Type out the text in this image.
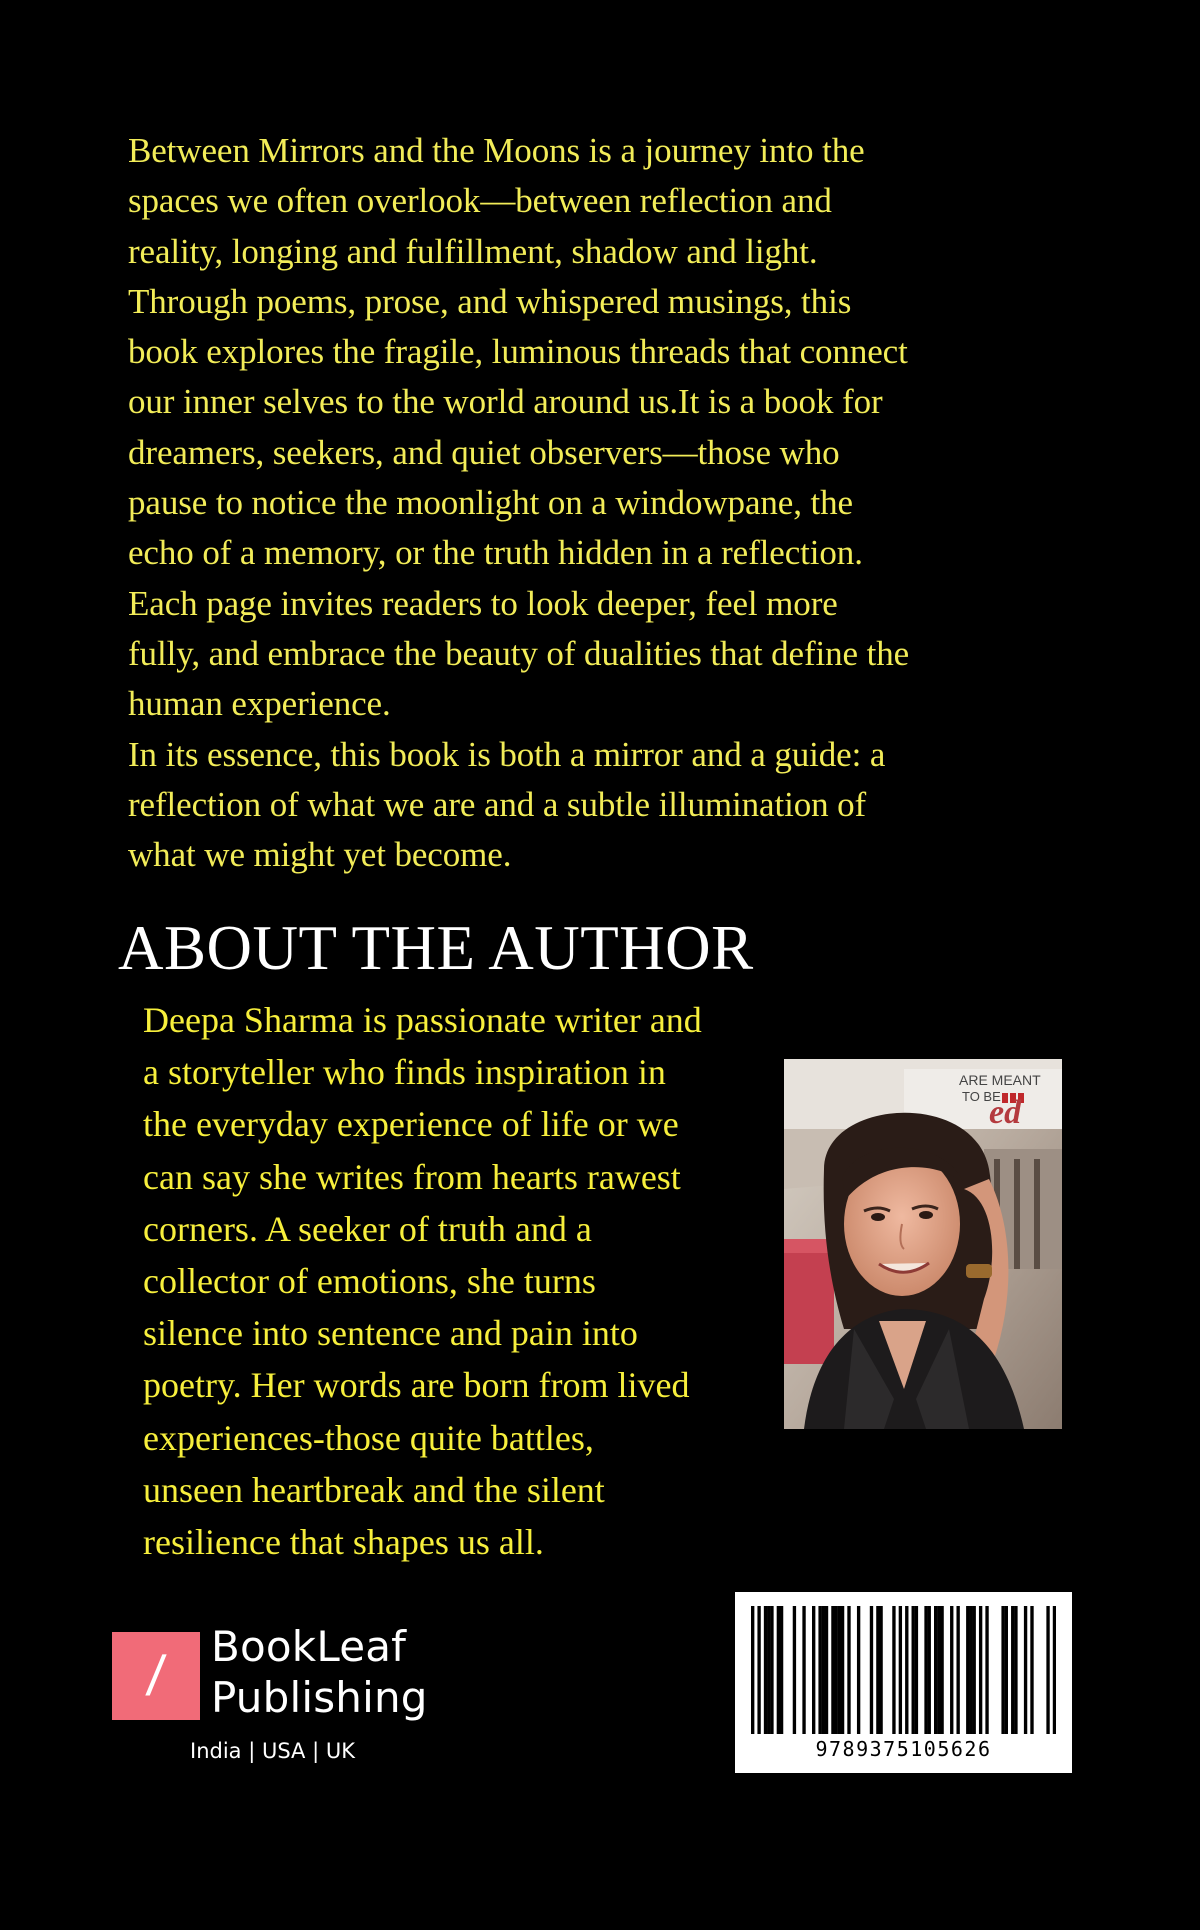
Between Mirrors and the Moons is a journey into the
spaces we often overlook—between reflection and
reality, longing and fulfillment, shadow and light.
Through poems, prose, and whispered musings, this
book explores the fragile, luminous threads that connect
our inner selves to the world around us.It is a book for
dreamers, seekers, and quiet observers—those who
pause to notice the moonlight on a windowpane, the
echo of a memory, or the truth hidden in a reflection.
Each page invites readers to look deeper, feel more
fully, and embrace the beauty of dualities that define the
human experience.
In its essence, this book is both a mirror and a guide: a
reflection of what we are and a subtle illumination of
what we might yet become.
ABOUT THE AUTHOR
Deepa Sharma is passionate writer and
a storyteller who finds inspiration in
the everyday experience of life or we
can say she writes from hearts rawest
corners. A seeker of truth and a
collector of emotions, she turns
silence into sentence and pain into
poetry. Her words are born from lived
experiences-those quite battles,
unseen heartbreak and the silent
resilience that shapes us all.
ARE MEANT
TO BE
ed
/ BookLeaf
Publishing
India | USA | UK	9789375105626
